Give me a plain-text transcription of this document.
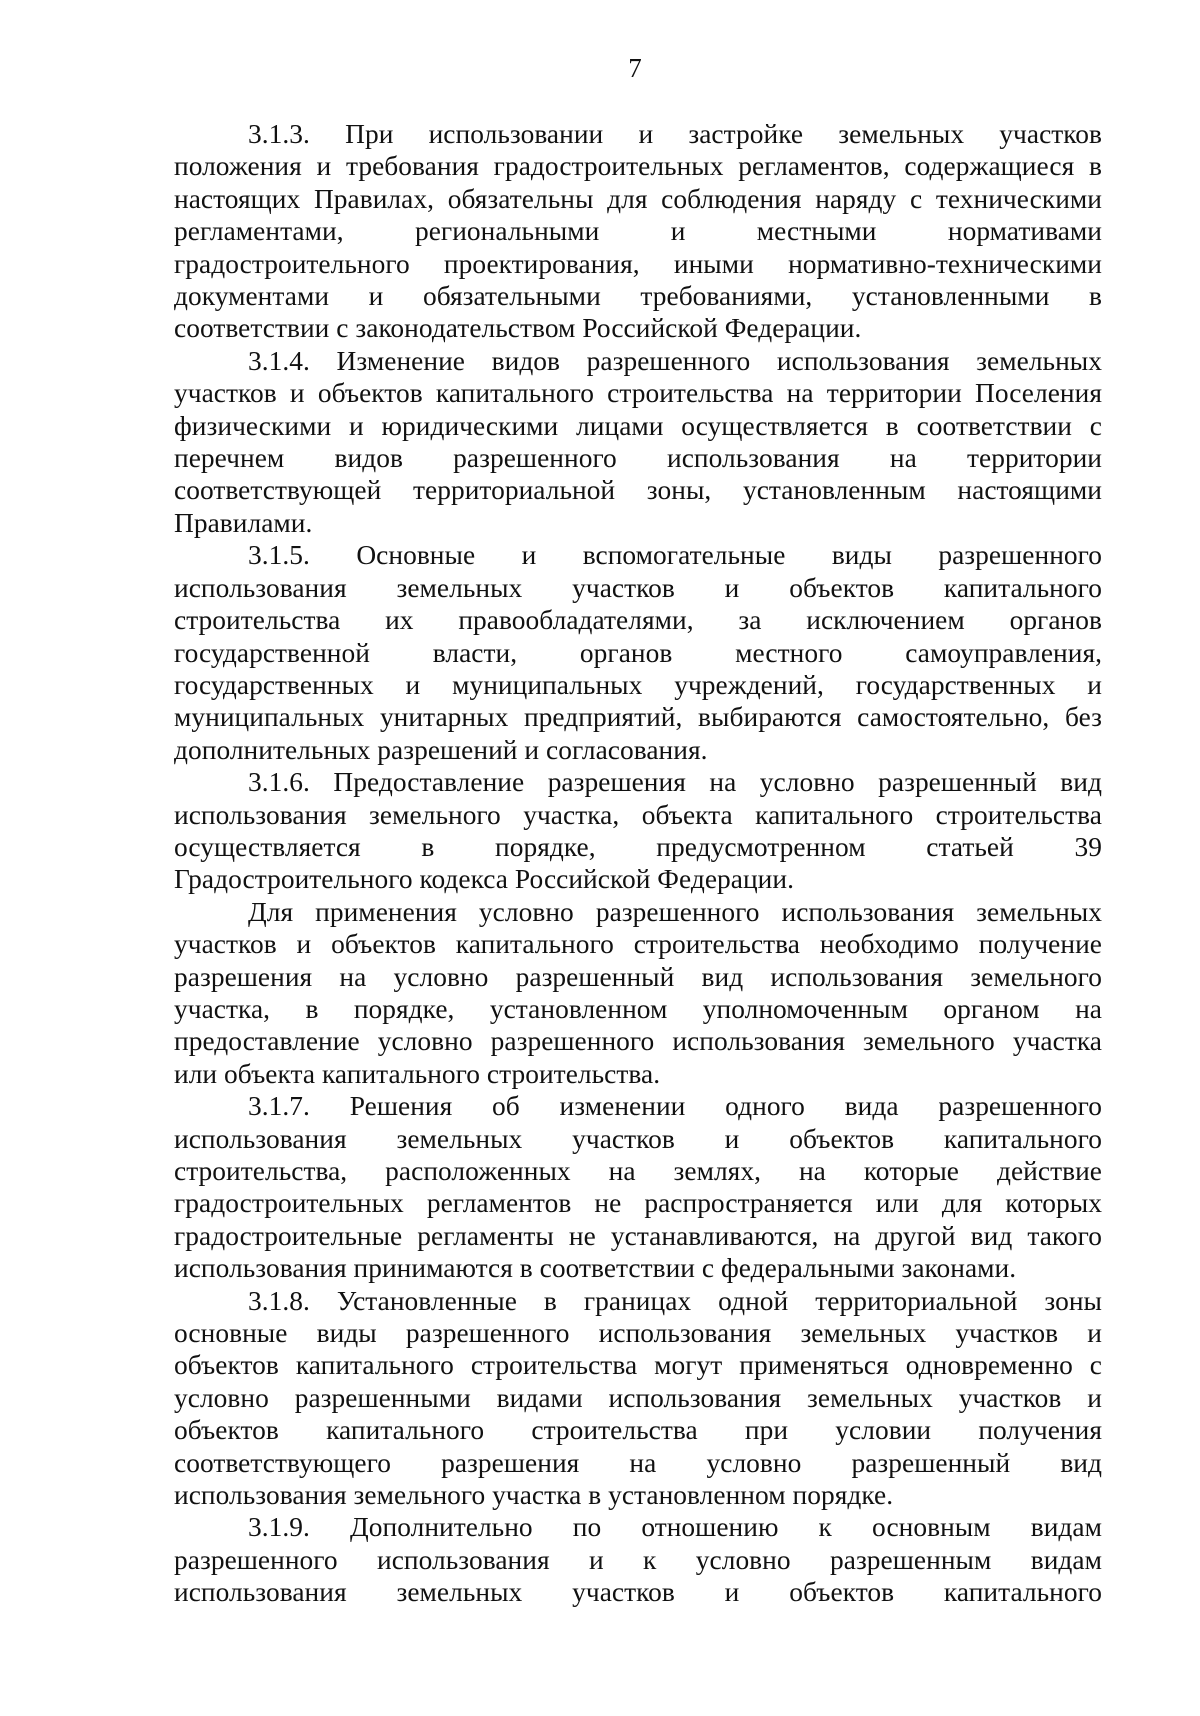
7
3.1.3. При использовании и застройке земельных участков
положения и требования градостроительных регламентов, содержащиеся в
настоящих Правилах, обязательны для соблюдения наряду с техническими
регламентами, региональными и местными нормативами
градостроительного проектирования, иными нормативно-техническими
документами и обязательными требованиями, установленными в
соответствии с законодательством Российской Федерации.
3.1.4. Изменение видов разрешенного использования земельных
участков и объектов капитального строительства на территории Поселения
физическими и юридическими лицами осуществляется в соответствии с
перечнем видов разрешенного использования на территории
соответствующей территориальной зоны, установленным настоящими
Правилами.
3.1.5. Основные и вспомогательные виды разрешенного
использования земельных участков и объектов капитального
строительства их правообладателями, за исключением органов
государственной власти, органов местного самоуправления,
государственных и муниципальных учреждений, государственных и
муниципальных унитарных предприятий, выбираются самостоятельно, без
дополнительных разрешений и согласования.
3.1.6. Предоставление разрешения на условно разрешенный вид
использования земельного участка, объекта капитального строительства
осуществляется в порядке, предусмотренном статьей 39
Градостроительного кодекса Российской Федерации.
Для применения условно разрешенного использования земельных
участков и объектов капитального строительства необходимо получение
разрешения на условно разрешенный вид использования земельного
участка, в порядке, установленном уполномоченным органом на
предоставление условно разрешенного использования земельного участка
или объекта капитального строительства.
3.1.7. Решения об изменении одного вида разрешенного
использования земельных участков и объектов капитального
строительства, расположенных на землях, на которые действие
градостроительных регламентов не распространяется или для которых
градостроительные регламенты не устанавливаются, на другой вид такого
использования принимаются в соответствии с федеральными законами.
3.1.8. Установленные в границах одной территориальной зоны
основные виды разрешенного использования земельных участков и
объектов капитального строительства могут применяться одновременно с
условно разрешенными видами использования земельных участков и
объектов капитального строительства при условии получения
соответствующего разрешения на условно разрешенный вид
использования земельного участка в установленном порядке.
3.1.9. Дополнительно по отношению к основным видам
разрешенного использования и к условно разрешенным видам
использования земельных участков и объектов капитального
